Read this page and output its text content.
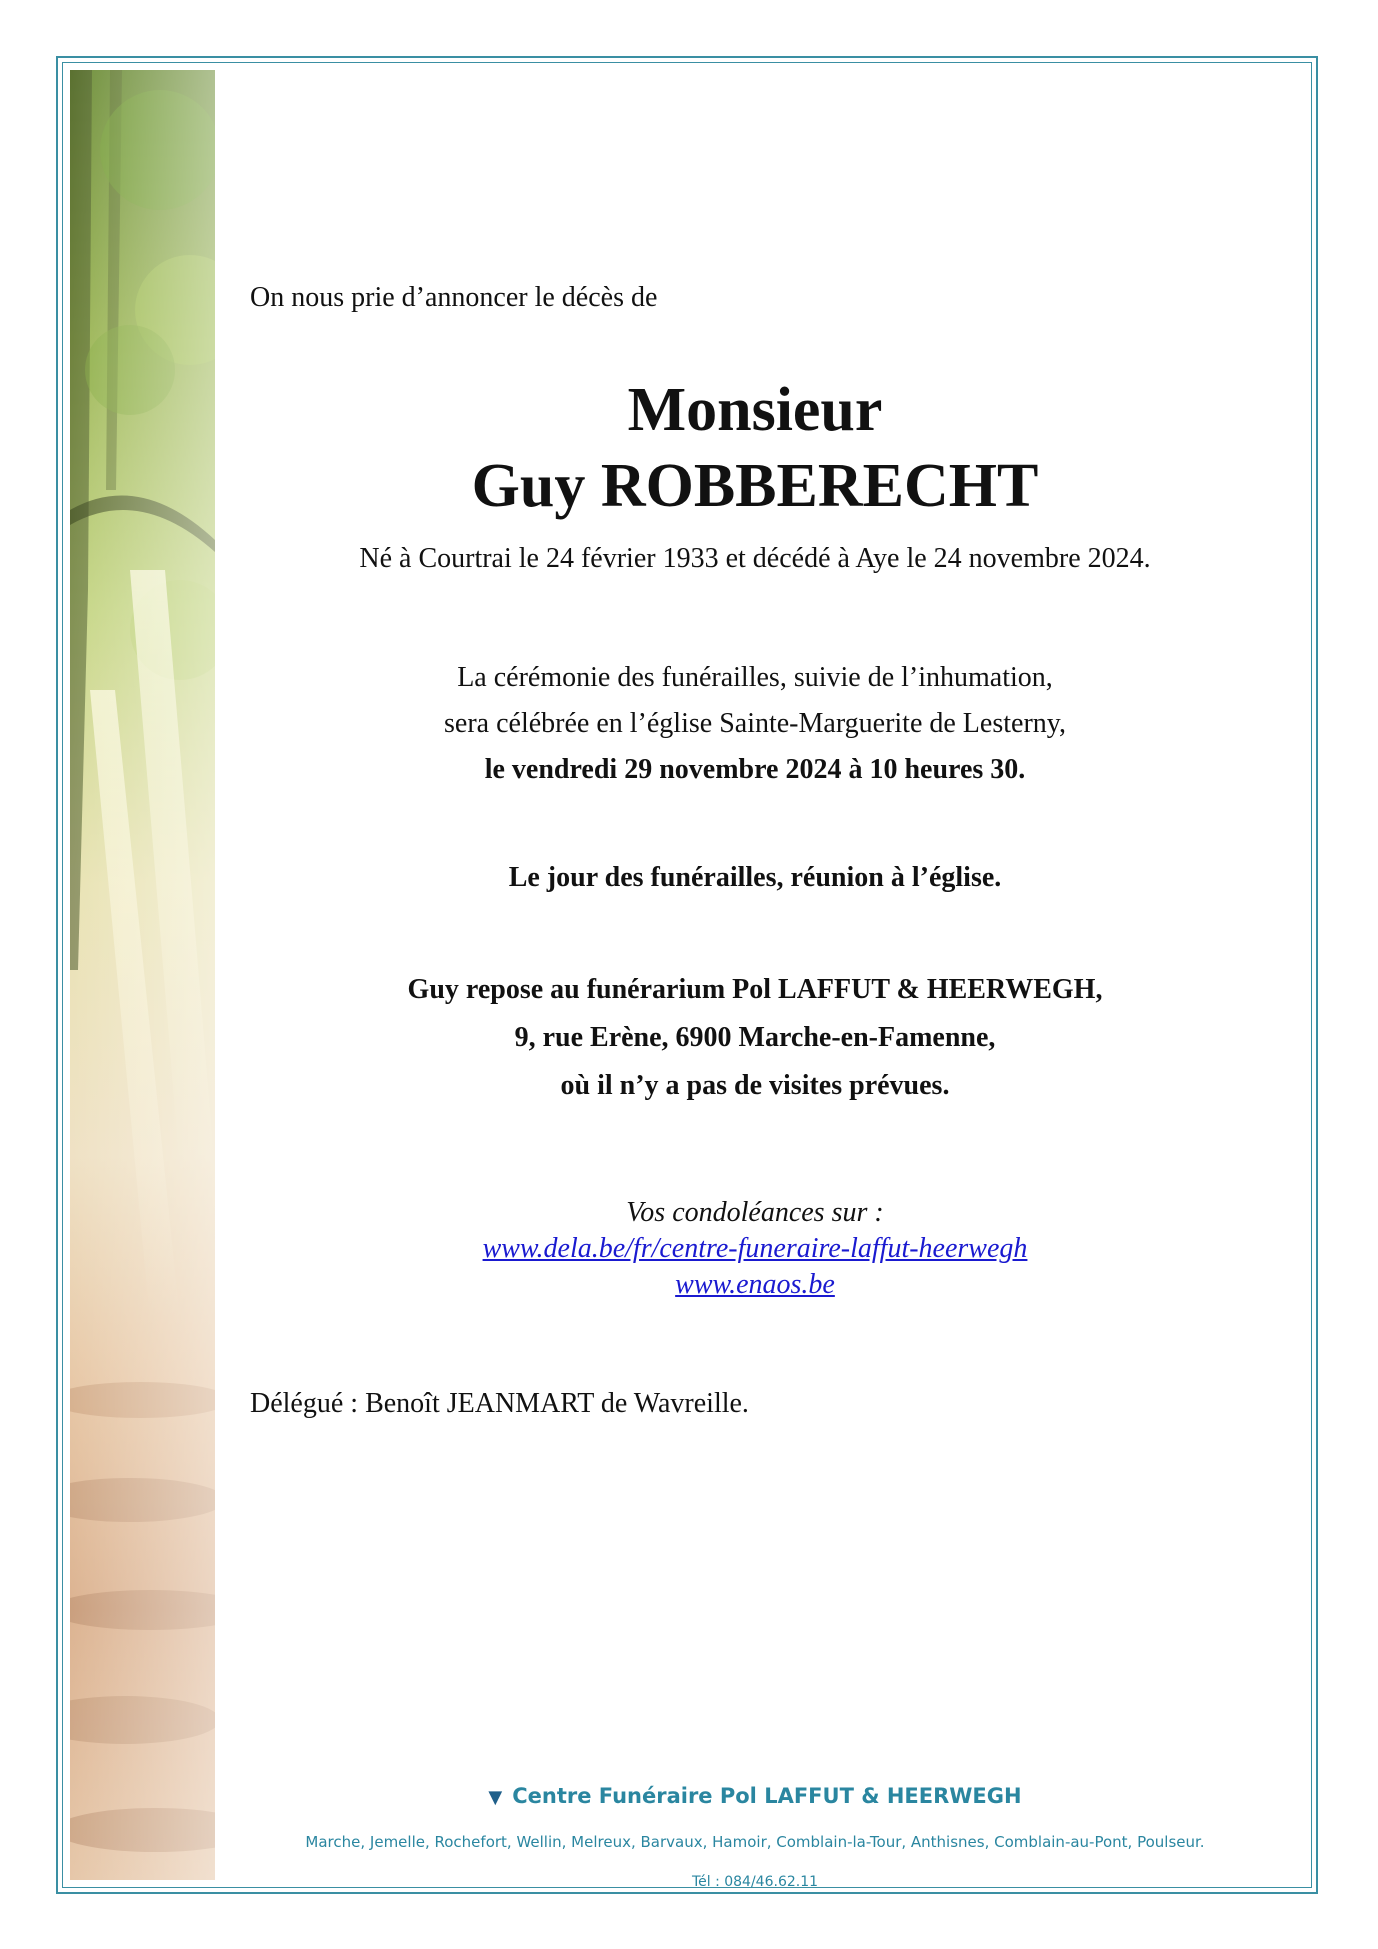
On nous prie d’annoncer le décès de

Monsieur
Guy ROBBERECHT

Né à Courtrai le 24 février 1933 et décédé à Aye le 24 novembre 2024.

La cérémonie des funérailles, suivie de l’inhumation,
sera célébrée en l’église Sainte-Marguerite de Lesterny,
le vendredi 29 novembre 2024 à 10 heures 30.

Le jour des funérailles, réunion à l’église.

Guy repose au funérarium Pol LAFFUT & HEERWEGH,
9, rue Erène, 6900 Marche-en-Famenne,
où il n’y a pas de visites prévues.

Vos condoléances sur :
www.dela.be/fr/centre-funeraire-laffut-heerwegh
www.enaos.be

Délégué : Benoît JEANMART de Wavreille.

▼ Centre Funéraire Pol LAFFUT & HEERWEGH

Marche, Jemelle, Rochefort, Wellin, Melreux, Barvaux, Hamoir, Comblain-la-Tour, Anthisnes, Comblain-au-Pont, Poulseur.

Tél : 084/46.62.11
